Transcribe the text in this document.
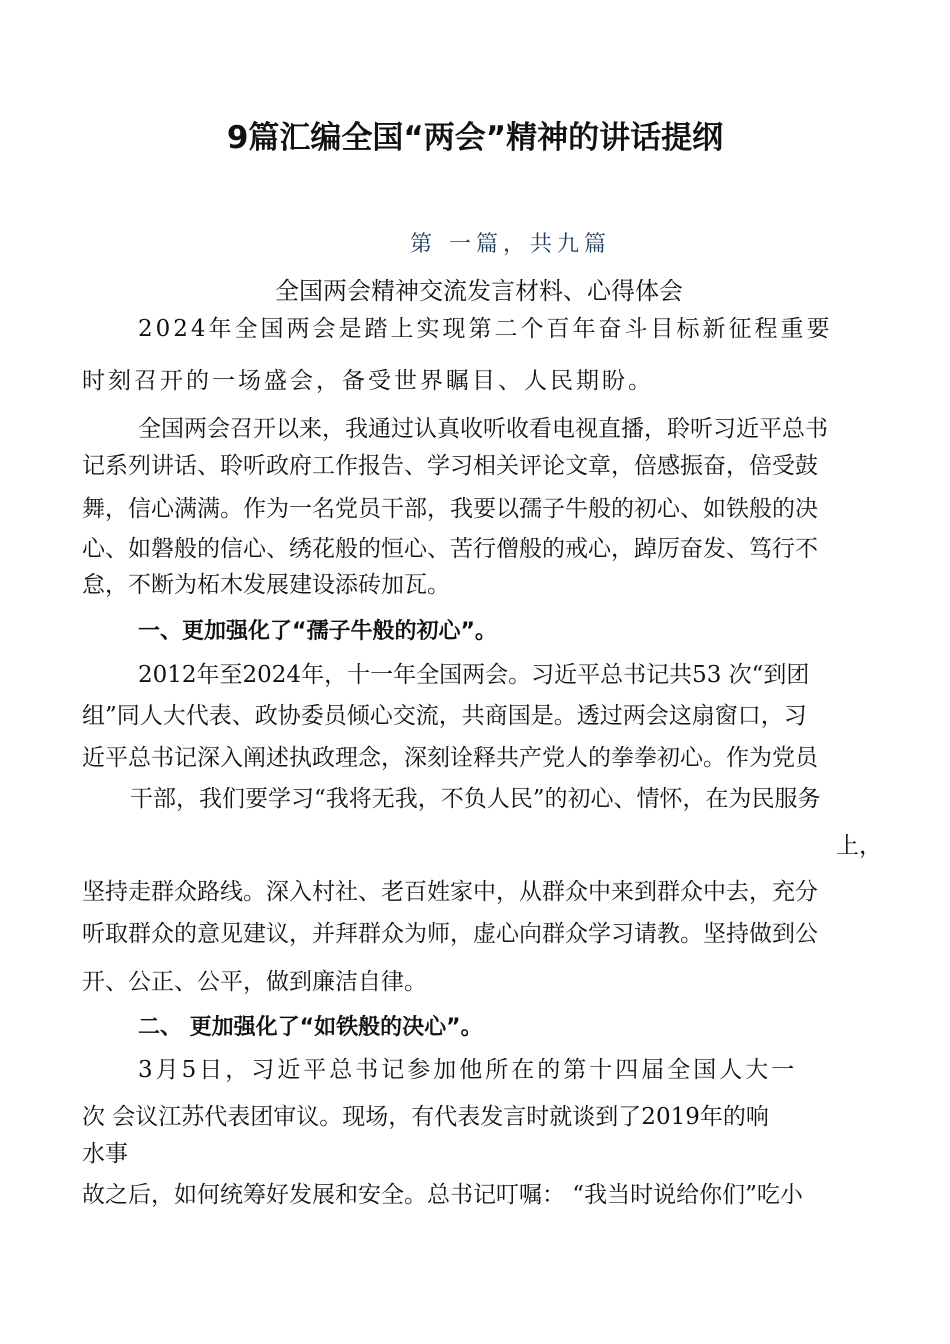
9篇汇编全国“两会”精神的讲话提纲
第 一篇，共九篇
全国两会精神交流发言材料、心得体会
2024年全国两会是踏上实现第二个百年奋斗目标新征程重要
时刻召开的一场盛会，备受世界瞩目、人民期盼。
全国两会召开以来，我通过认真收听收看电视直播，聆听习近平总书
记系列讲话、聆听政府工作报告、学习相关评论文章，倍感振奋，倍受鼓
舞，信心满满。作为一名党员干部，我要以孺子牛般的初心、如铁般的决
心、如磐般的信心、绣花般的恒心、苦行僧般的戒心，踔厉奋发、笃行不
怠，不断为柘木发展建设添砖加瓦。
一、更加强化了“孺子牛般的初心”。
2012年至2024年，十一年全国两会。习近平总书记共53 次“到团
组”同人大代表、政协委员倾心交流，共商国是。透过两会这扇窗口，习
近平总书记深入阐述执政理念，深刻诠释共产党人的拳拳初心。作为党员
干部，我们要学习“我将无我，不负人民”的初心、情怀，在为民服务
上，
坚持走群众路线。深入村社、老百姓家中，从群众中来到群众中去，充分
听取群众的意见建议，并拜群众为师，虚心向群众学习请教。坚持做到公
开、公正、公平，做到廉洁自律。
二、 更加强化了“如铁般的决心”。
3月5日，习近平总书记参加他所在的第十四届全国人大一
次 会议江苏代表团审议。现场，有代表发言时就谈到了2019年的响
水事
故之后，如何统筹好发展和安全。总书记叮嘱： “我当时说给你们”吃小
